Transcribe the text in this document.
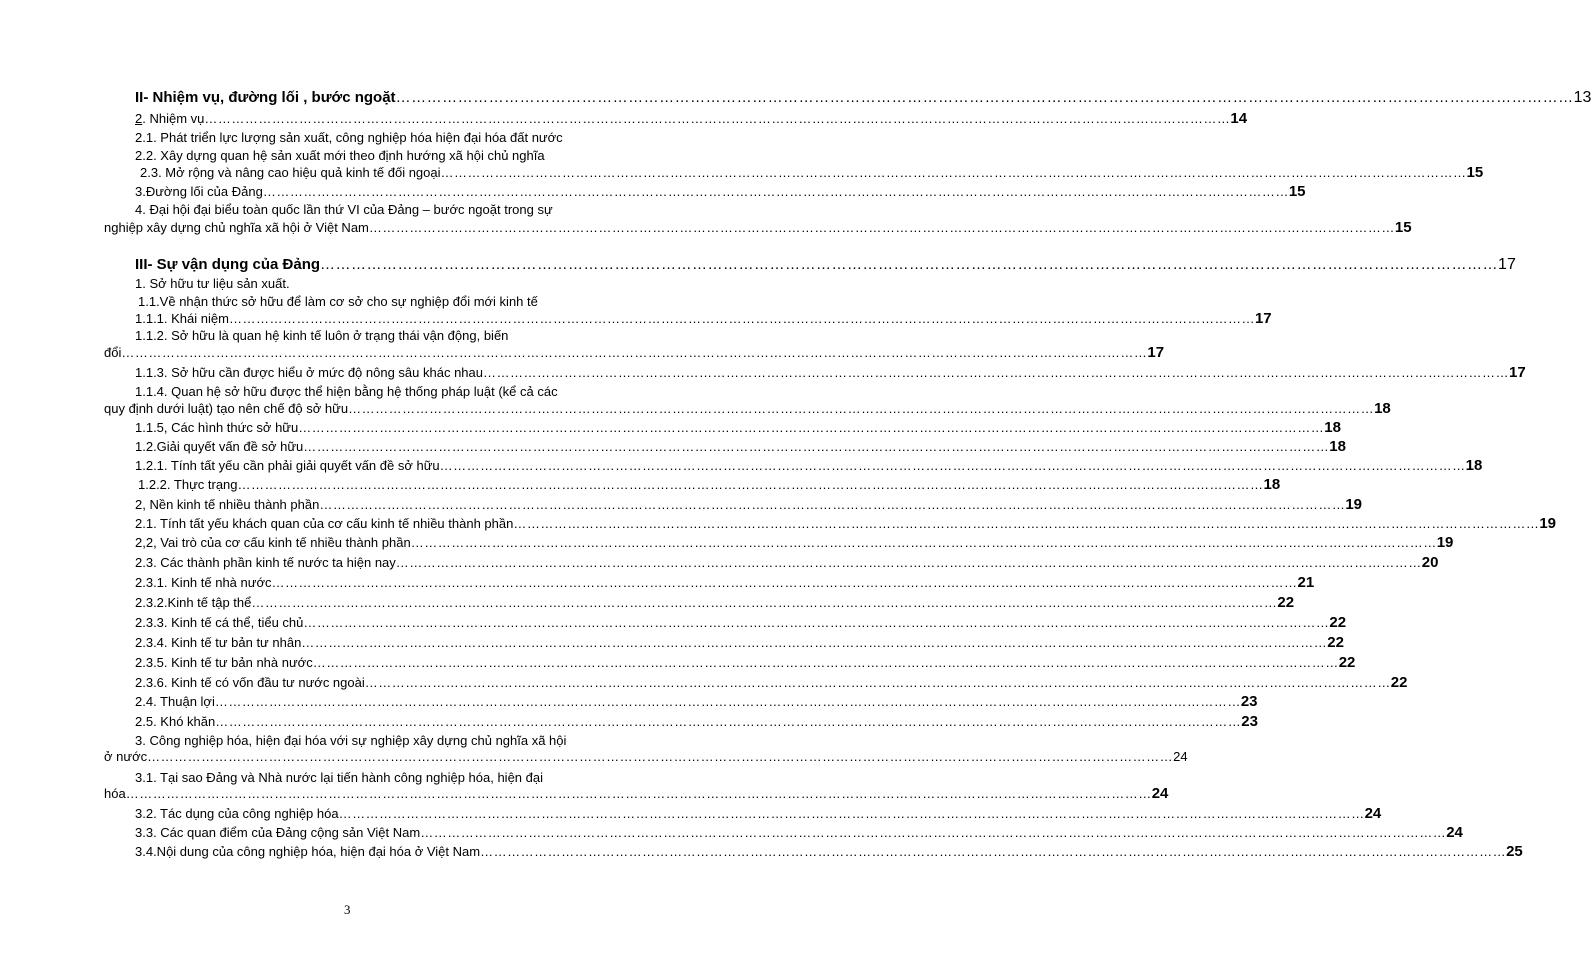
II- Nhiệm vụ, đường lối , bước ngoặt ………………………………………………………………………………………………………………………………………………………………………………………………………… 13
2. Nhiệm vụ ………………………………………………………………………………………………………………………………………………………………………………………………………… 14
2.1. Phát triển lực lượng sản xuất, công nghiệp hóa hiện đại hóa đất nước
2.2. Xây dựng quan hệ sản xuất mới theo định hướng xã hội chủ nghĩa
2.3. Mở rộng và nâng cao hiệu quả kinh tế đối ngoại ………………………………………………………………………………………………………………………………………………………………………………………………………… 15
3.Đường lối của Đảng ………………………………………………………………………………………………………………………………………………………………………………………………………… 15
4. Đại hội đại biểu toàn quốc lần thứ VI của Đảng – bước ngoặt trong sự
nghiệp xây dựng chủ nghĩa xã hội ở Việt Nam ………………………………………………………………………………………………………………………………………………………………………………………………………… 15
III- Sự vận dụng của Đảng ………………………………………………………………………………………………………………………………………………………………………………………………………… 17
1. Sở hữu tư liệu sản xuất.
1.1.Về nhận thức sở hữu để làm cơ sở cho sự nghiệp đổi mới kinh tế
1.1.1. Khái niệm ………………………………………………………………………………………………………………………………………………………………………………………………………… 17
1.1.2. Sở hữu là quan hệ kinh tế luôn ở trạng thái vận động, biến
đổi ………………………………………………………………………………………………………………………………………………………………………………………………………… 17
1.1.3. Sở hữu cần được hiểu ở mức độ nông sâu khác nhau ………………………………………………………………………………………………………………………………………………………………………………………………………… 17
1.1.4. Quan hệ sở hữu được thể hiện bằng hệ thống pháp luật (kể cả các
quy định dưới luật) tạo nên chế độ sở hữu ………………………………………………………………………………………………………………………………………………………………………………………………………… 18
1.1.5, Các hình thức sở hữu ………………………………………………………………………………………………………………………………………………………………………………………………………… 18
1.2.Giải quyết vấn đề sở hữu ………………………………………………………………………………………………………………………………………………………………………………………………………… 18
1.2.1. Tính tất yếu cần phải giải quyết vấn đề sở hữu ………………………………………………………………………………………………………………………………………………………………………………………………………… 18
1.2.2. Thực trạng ………………………………………………………………………………………………………………………………………………………………………………………………………… 18
2, Nền kinh tế nhiều thành phần ………………………………………………………………………………………………………………………………………………………………………………………………………… 19
2.1. Tính tất yếu khách quan của cơ cấu kinh tế nhiều thành phần ………………………………………………………………………………………………………………………………………………………………………………………………………… 19
2,2, Vai trò của cơ cấu kinh tế nhiều thành phần ………………………………………………………………………………………………………………………………………………………………………………………………………… 19
2.3. Các thành phần kinh tế nước ta hiện nay ………………………………………………………………………………………………………………………………………………………………………………………………………… 20
2.3.1. Kinh tế nhà nước ………………………………………………………………………………………………………………………………………………………………………………………………………… 21
2.3.2.Kinh tế tập thể ………………………………………………………………………………………………………………………………………………………………………………………………………… 22
2.3.3. Kinh tế cá thể, tiểu chủ ………………………………………………………………………………………………………………………………………………………………………………………………………… 22
2.3.4. Kinh tế tư bản tư nhân ………………………………………………………………………………………………………………………………………………………………………………………………………… 22
2.3.5. Kinh tế tư bản nhà nước ………………………………………………………………………………………………………………………………………………………………………………………………………… 22
2.3.6. Kinh tế có vốn đầu tư nước ngoài ………………………………………………………………………………………………………………………………………………………………………………………………………… 22
2.4. Thuận lợi ………………………………………………………………………………………………………………………………………………………………………………………………………… 23
2.5. Khó khăn ………………………………………………………………………………………………………………………………………………………………………………………………………… 23
3. Công nghiệp hóa, hiện đại hóa với sự nghiệp xây dựng chủ nghĩa xã hội
ở nước ………………………………………………………………………………………………………………………………………………………………………………………………………… 24
3.1. Tại sao Đảng và Nhà nước lại tiến hành công nghiệp hóa, hiện đại
hóa ………………………………………………………………………………………………………………………………………………………………………………………………………… 24
3.2. Tác dụng của công nghiệp hóa ………………………………………………………………………………………………………………………………………………………………………………………………………… 24
3.3. Các quan điểm của Đảng cộng sản Việt Nam ………………………………………………………………………………………………………………………………………………………………………………………………………… 24
3.4.Nội dung của công nghiệp hóa, hiện đại hóa ở Việt Nam ………………………………………………………………………………………………………………………………………………………………………………………………………… 25
3
